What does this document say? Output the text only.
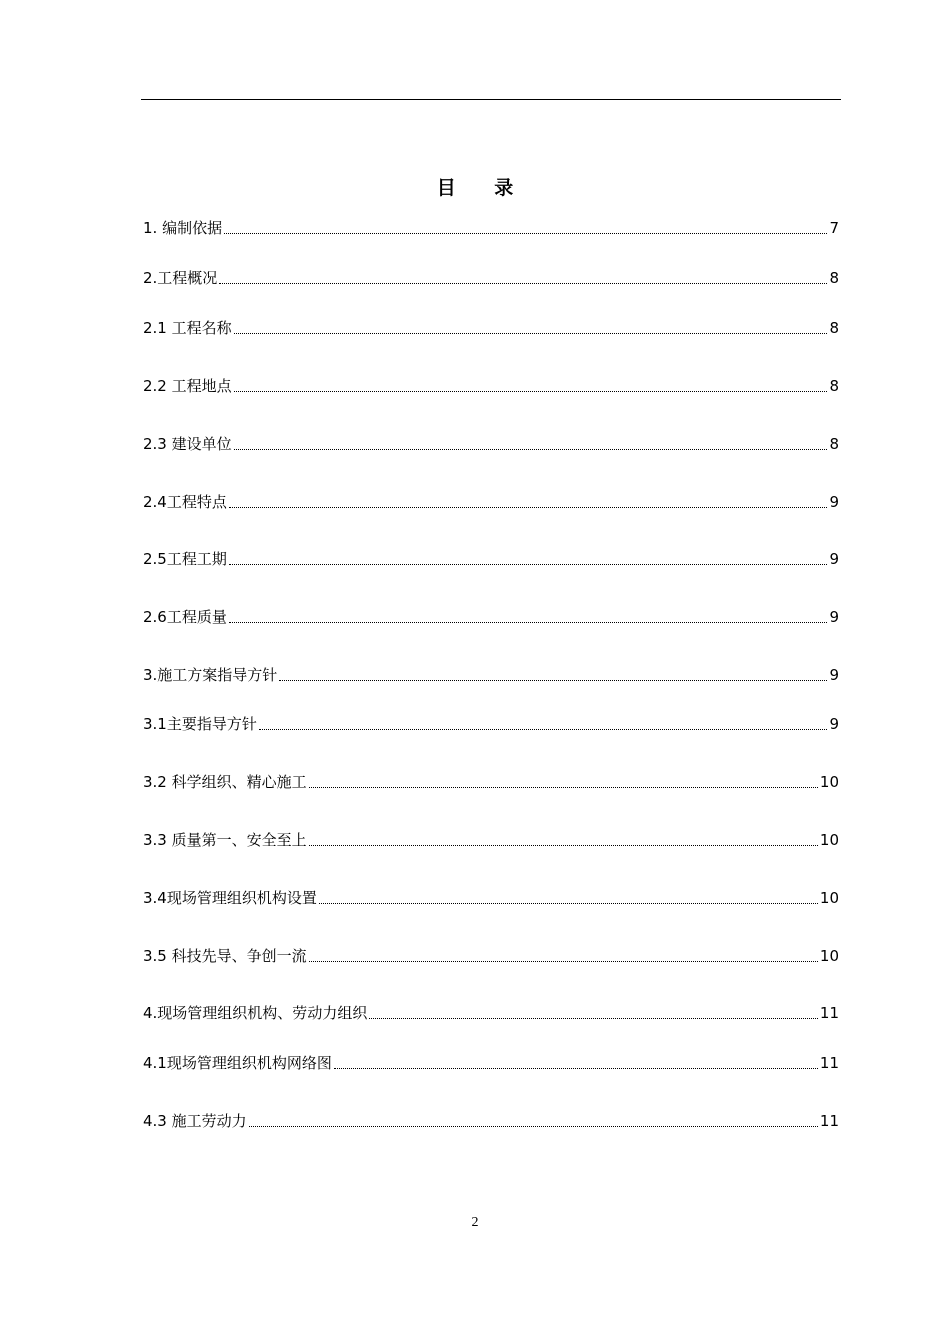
目 录
1. 编制依据	7
2.工程概况	8
2.1 工程名称	8
2.2 工程地点	8
2.3 建设单位	8
2.4工程特点	9
2.5工程工期	9
2.6工程质量	9
3.施工方案指导方针	9
3.1主要指导方针	9
3.2 科学组织、精心施工	10
3.3 质量第一、安全至上	10
3.4现场管理组织机构设置	10
3.5 科技先导、争创一流	10
4.现场管理组织机构、劳动力组织	11
4.1现场管理组织机构网络图	11
4.3 施工劳动力	11
2
